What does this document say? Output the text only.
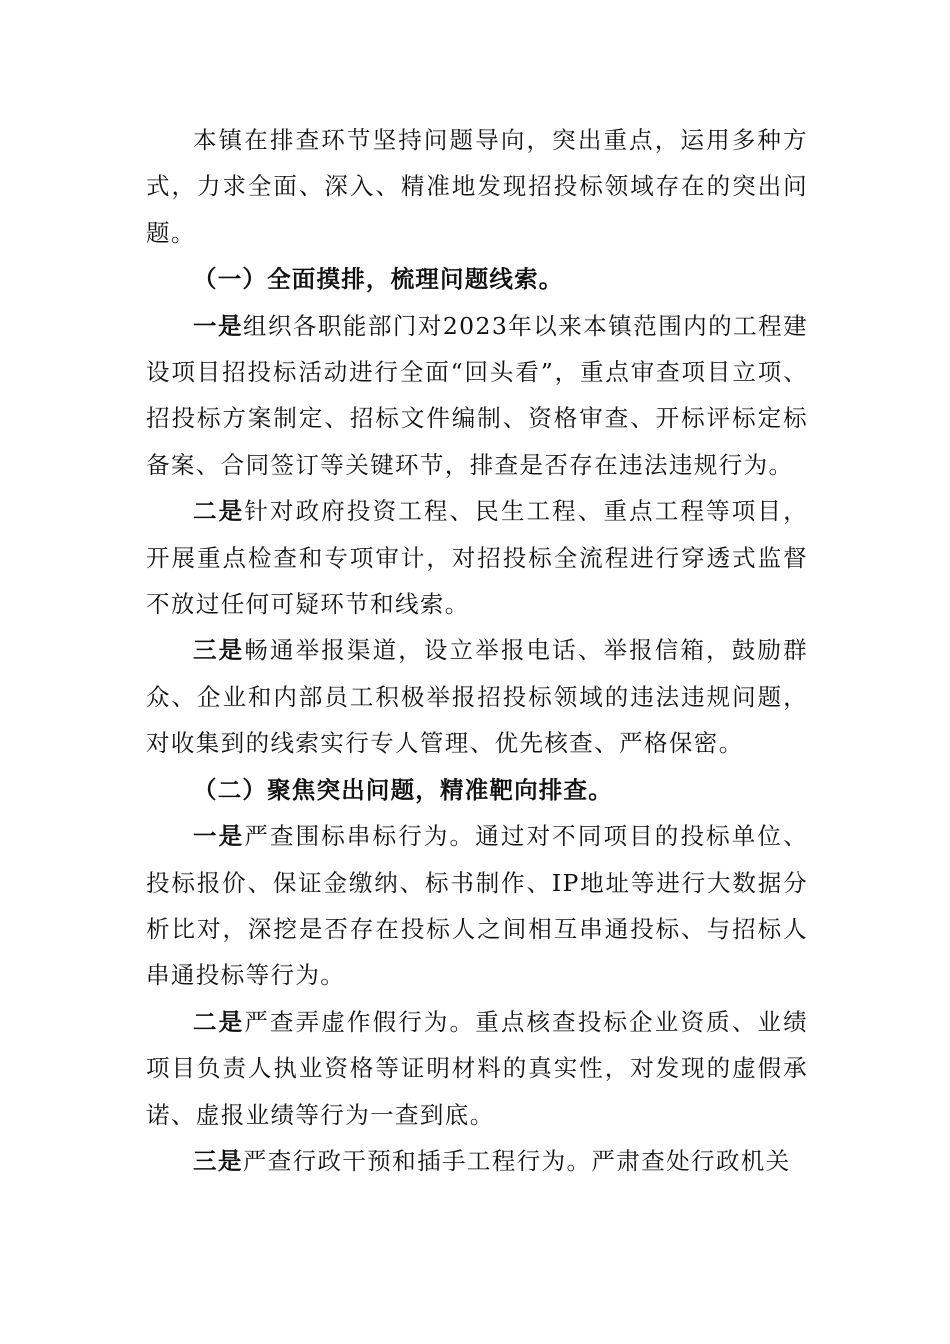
本镇在排查环节坚持问题导向，突出重点，运用多种方式，力求全面、深入、精准地发现招投标领域存在的突出问题。

（一）全面摸排，梳理问题线索。

一是组织各职能部门对2023年以来本镇范围内的工程建设项目招投标活动进行全面“回头看”，重点审查项目立项、招投标方案制定、招标文件编制、资格审查、开标评标定标备案、合同签订等关键环节，排查是否存在违法违规行为。

二是针对政府投资工程、民生工程、重点工程等项目，开展重点检查和专项审计，对招投标全流程进行穿透式监督不放过任何可疑环节和线索。

三是畅通举报渠道，设立举报电话、举报信箱，鼓励群众、企业和内部员工积极举报招投标领域的违法违规问题，对收集到的线索实行专人管理、优先核查、严格保密。

（二）聚焦突出问题，精准靶向排查。

一是严查围标串标行为。通过对不同项目的投标单位、投标报价、保证金缴纳、标书制作、IP地址等进行大数据分析比对，深挖是否存在投标人之间相互串通投标、与招标人串通投标等行为。

二是严查弄虚作假行为。重点核查投标企业资质、业绩项目负责人执业资格等证明材料的真实性，对发现的虚假承诺、虚报业绩等行为一查到底。

三是严查行政干预和插手工程行为。严肃查处行政机关
